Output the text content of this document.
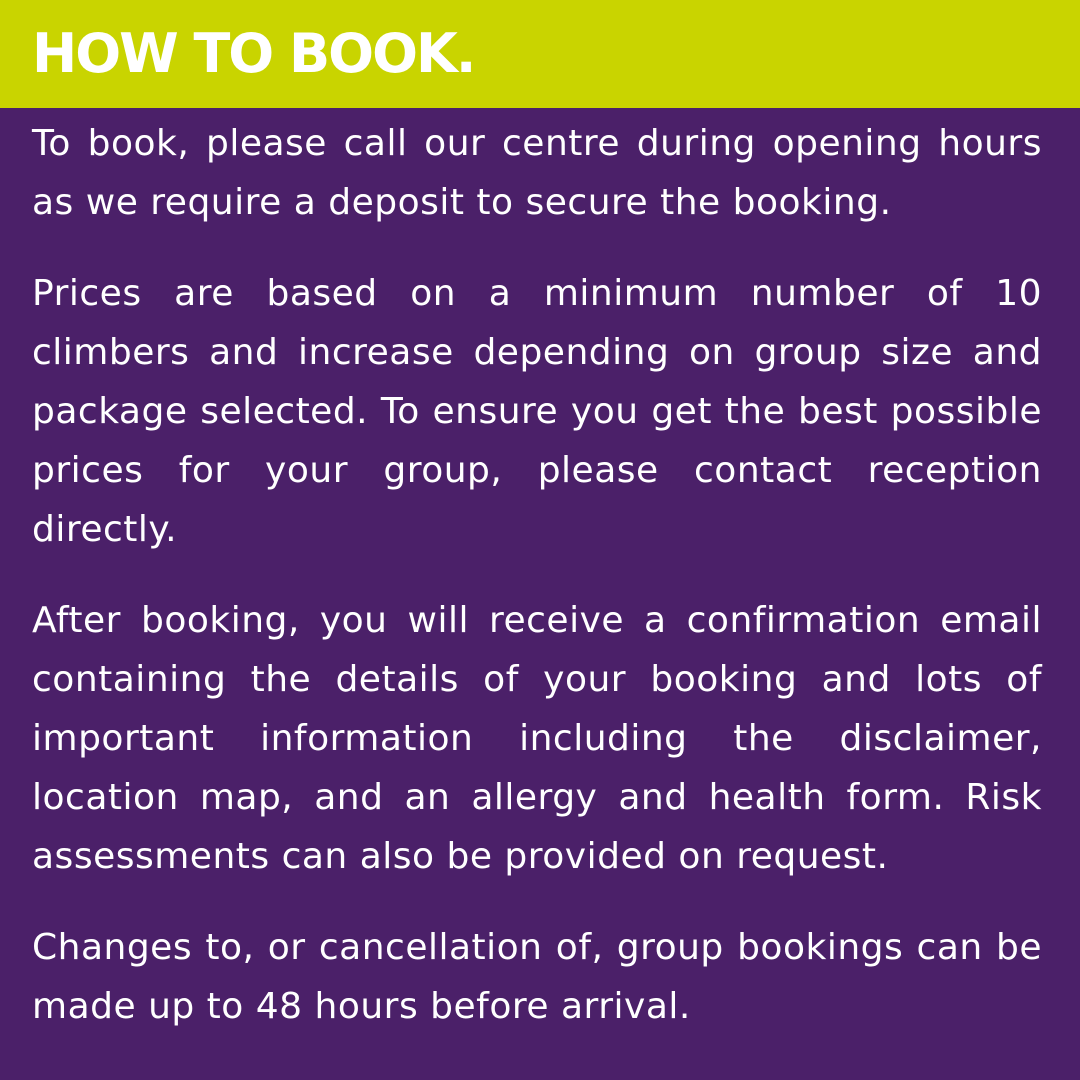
HOW TO BOOK.

To book, please call our centre during opening hours as we require a deposit to secure the booking.

Prices are based on a minimum number of 10 climbers and increase depending on group size and package selected. To ensure you get the best possible prices for your group, please contact reception directly.

After booking, you will receive a confirmation email containing the details of your booking and lots of important information including the disclaimer, location map, and an allergy and health form. Risk assessments can also be provided on request.

Changes to, or cancellation of, group bookings can be made up to 48 hours before arrival.
